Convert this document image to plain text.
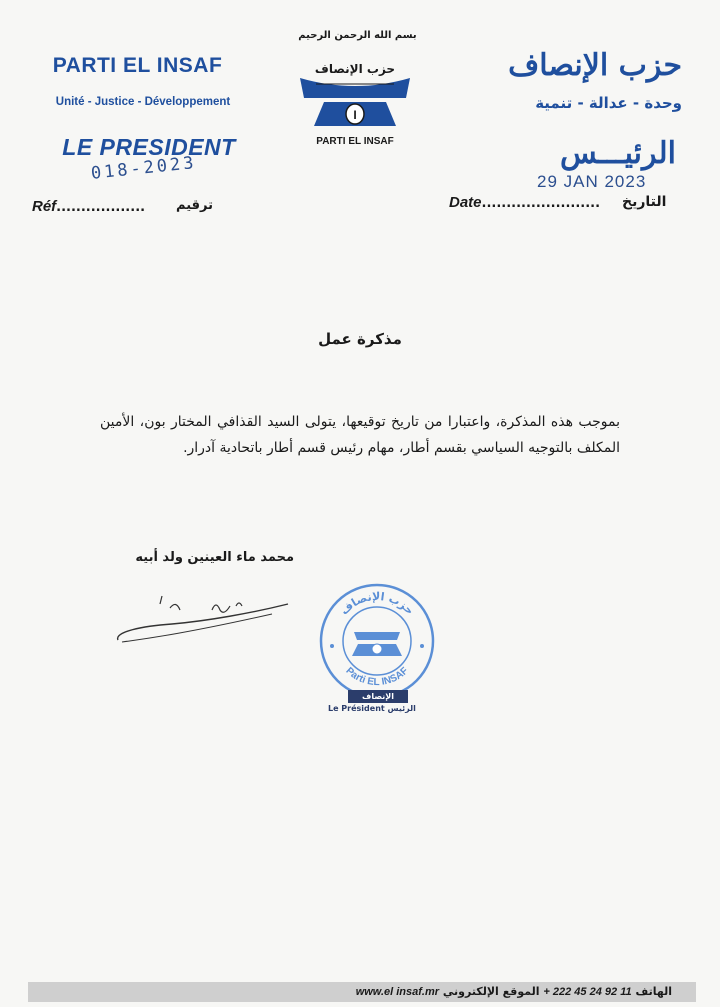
PARTI EL INSAF
Unité - Justice - Développement
LE PRESIDENT
018-2023
Réf.................. ترقيم
بسم الله الرحمن الرحيم
حزب الإنصاف
I
PARTI EL INSAF
حزب الإنصاف
وحدة - عدالة - تنمية
الرئيـــس
29 JAN 2023
Date........................ التاريخ
مذكرة عمل
بموجب هذه المذكرة، واعتبارا من تاريخ توقيعها، يتولى السيد القذافي المختار بون، الأمين المكلف بالتوجيه السياسي بقسم أطار، مهام رئيس قسم أطار باتحادية آدرار.
محمد ماء العينين ولد أبيه
حزب الإنصاف
Parti EL INSAF
الإنصاف
Le Président الرئيس
الهاتف 11 92 24 45 222 + الموقع الإلكتروني www.el insaf.mr
